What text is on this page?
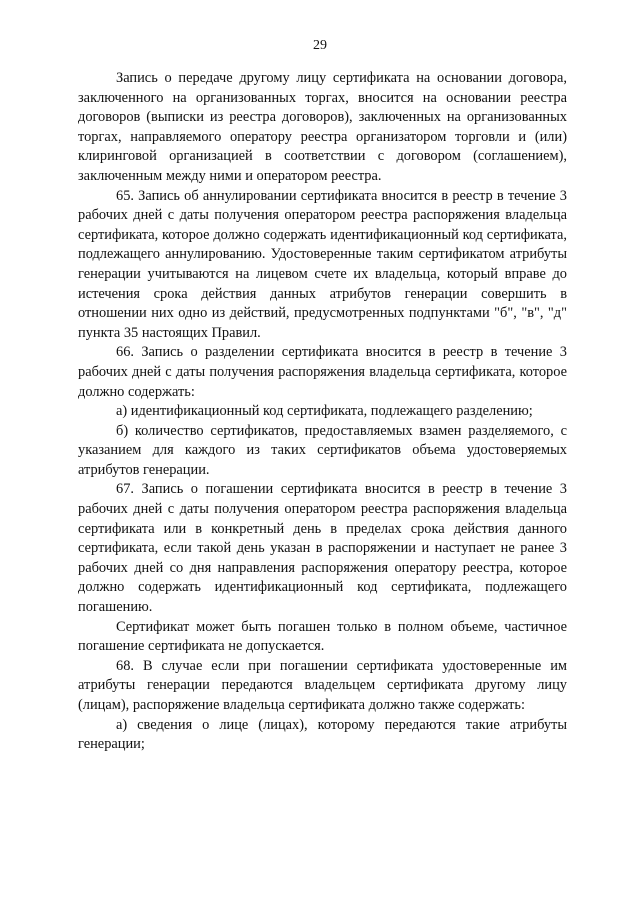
29

Запись о передаче другому лицу сертификата на основании договора, заключенного на организованных торгах, вносится на основании реестра договоров (выписки из реестра договоров), заключенных на организованных торгах, направляемого оператору реестра организатором торговли и (или) клиринговой организацией в соответствии с договором (соглашением), заключенным между ними и оператором реестра.

65. Запись об аннулировании сертификата вносится в реестр в течение 3 рабочих дней с даты получения оператором реестра распоряжения владельца сертификата, которое должно содержать идентификационный код сертификата, подлежащего аннулированию. Удостоверенные таким сертификатом атрибуты генерации учитываются на лицевом счете их владельца, который вправе до истечения срока действия данных атрибутов генерации совершить в отношении них одно из действий, предусмотренных подпунктами "б", "в", "д" пункта 35 настоящих Правил.

66. Запись о разделении сертификата вносится в реестр в течение 3 рабочих дней с даты получения распоряжения владельца сертификата, которое должно содержать:

а) идентификационный код сертификата, подлежащего разделению;

б) количество сертификатов, предоставляемых взамен разделяемого, с указанием для каждого из таких сертификатов объема удостоверяемых атрибутов генерации.

67. Запись о погашении сертификата вносится в реестр в течение 3 рабочих дней с даты получения оператором реестра распоряжения владельца сертификата или в конкретный день в пределах срока действия данного сертификата, если такой день указан в распоряжении и наступает не ранее 3 рабочих дней со дня направления распоряжения оператору реестра, которое должно содержать идентификационный код сертификата, подлежащего погашению.

Сертификат может быть погашен только в полном объеме, частичное погашение сертификата не допускается.

68. В случае если при погашении сертификата удостоверенные им атрибуты генерации передаются владельцем сертификата другому лицу (лицам), распоряжение владельца сертификата должно также содержать:

а) сведения о лице (лицах), которому передаются такие атрибуты генерации;
